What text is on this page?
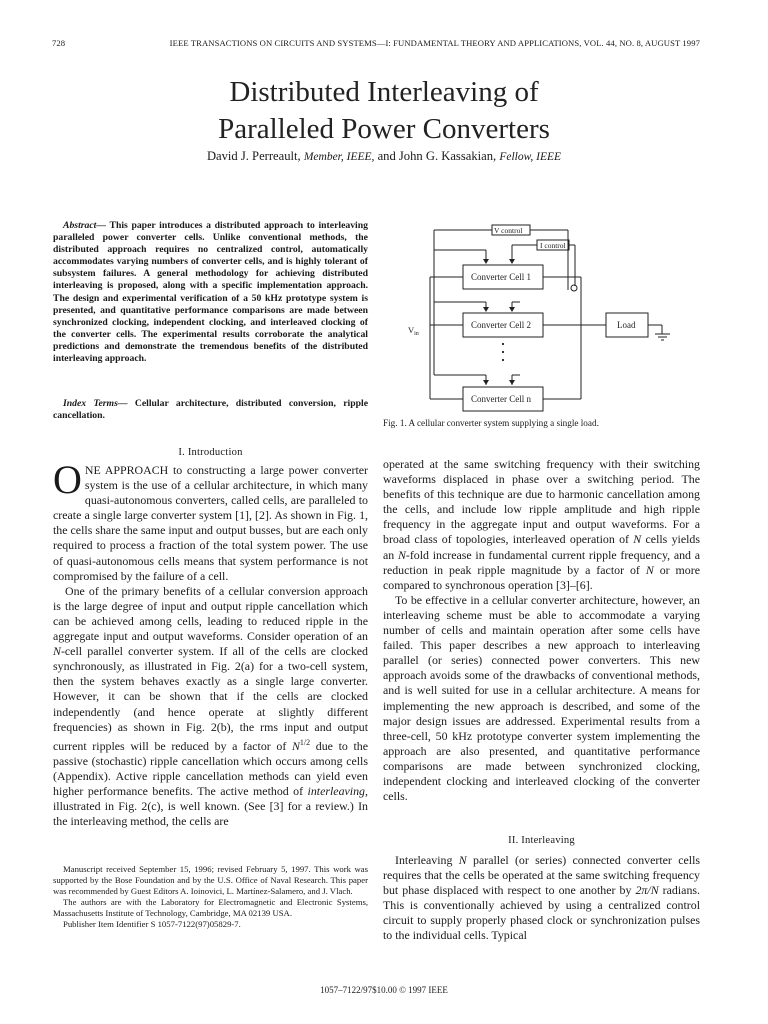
728	IEEE TRANSACTIONS ON CIRCUITS AND SYSTEMS—I: FUNDAMENTAL THEORY AND APPLICATIONS, VOL. 44, NO. 8, AUGUST 1997
Distributed Interleaving of
Paralleled Power Converters
David J. Perreault, Member, IEEE, and John G. Kassakian, Fellow, IEEE

Abstract— This paper introduces a distributed approach to interleaving paralleled power converter cells. Unlike conventional methods, the distributed approach requires no centralized control, automatically accommodates varying numbers of converter cells, and is highly tolerant of subsystem failures. A general methodology for achieving distributed interleaving is proposed, along with a specific implementation approach. The design and experimental verification of a 50 kHz prototype system is presented, and quantitative performance comparisons are made between synchronized clocking, independent clocking, and interleaved clocking of the converter cells. The experimental results corroborate the analytical predictions and demonstrate the tremendous benefits of the distributed interleaving approach.

Index Terms— Cellular architecture, distributed conversion, ripple cancellation.
I. Introduction

ONE APPROACH to constructing a large power converter system is the use of a cellular architecture, in which many quasi-autonomous converters, called cells, are paralleled to create a single large converter system [1], [2]. As shown in Fig. 1, the cells share the same input and output busses, but are each only required to process a fraction of the total system power. The use of quasi-autonomous cells means that system performance is not compromised by the failure of a cell.

One of the primary benefits of a cellular conversion approach is the large degree of input and output ripple cancellation which can be achieved among cells, leading to reduced ripple in the aggregate input and output waveforms. Consider operation of an N-cell parallel converter system. If all of the cells are clocked synchronously, as illustrated in Fig. 2(a) for a two-cell system, then the system behaves exactly as a single large converter. However, it can be shown that if the cells are clocked independently (and hence operate at slightly different frequencies) as shown in Fig. 2(b), the rms input and output current ripples will be reduced by a factor of $N^{1/2}$ due to the passive (stochastic) ripple cancellation which occurs among cells (Appendix). Active ripple cancellation methods can yield even higher performance benefits. The active method of interleaving, illustrated in Fig. 2(c), is well known. (See [3] for a review.) In the interleaving method, the cells are

Manuscript received September 15, 1996; revised February 5, 1997. This work was supported by the Bose Foundation and by the U.S. Office of Naval Research. This paper was recommended by Guest Editors A. Ioinovici, L. Martínez-Salamero, and J. Vlach.

The authors are with the Laboratory for Electromagnetic and Electronic Systems, Massachusetts Institute of Technology, Cambridge, MA 02139 USA.

Publisher Item Identifier S 1057-7122(97)05829-7.

V control
I control
Converter Cell 1
Converter Cell 2
Converter Cell n
Load
$V_{in}$
Fig. 1. A cellular converter system supplying a single load.

operated at the same switching frequency with their switching waveforms displaced in phase over a switching period. The benefits of this technique are due to harmonic cancellation among the cells, and include low ripple amplitude and high ripple frequency in the aggregate input and output waveforms. For a broad class of topologies, interleaved operation of N cells yields an N-fold increase in fundamental current ripple frequency, and a reduction in peak ripple magnitude by a factor of N or more compared to synchronous operation [3]–[6].

To be effective in a cellular converter architecture, however, an interleaving scheme must be able to accommodate a varying number of cells and maintain operation after some cells have failed. This paper describes a new approach to interleaving parallel (or series) connected power converters. This new approach avoids some of the drawbacks of conventional methods, and is well suited for use in a cellular architecture. A means for implementing the new approach is described, and some of the major design issues are addressed. Experimental results from a three-cell, 50 kHz prototype converter system implementing the approach are also presented, and quantitative performance comparisons are made between synchronized clocking, independent clocking and interleaved clocking of the converter cells.

II. Interleaving

Interleaving N parallel (or series) connected converter cells requires that the cells be operated at the same switching frequency but phase displaced with respect to one another by 2π/N radians. This is conventionally achieved by using a centralized control circuit to supply properly phased clock or synchronization pulses to the individual cells. Typical

1057–7122/97$10.00 © 1997 IEEE
